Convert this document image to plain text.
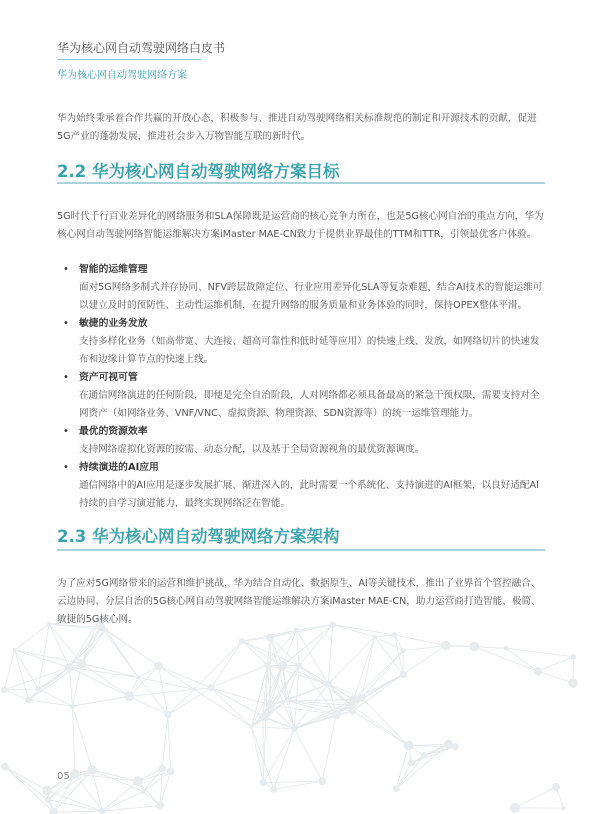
华为核心网自动驾驶网络白皮书
华为核心网自动驾驶网络方案
华为始终秉承着合作共赢的开放心态，积极参与、推进自动驾驶网络相关标准规范的制定和开源技术的贡献，促进5G产业的蓬勃发展，推进社会步入万物智能互联的新时代。
2.2 华为核心网自动驾驶网络方案目标
5G时代千行百业差异化的网络服务和SLA保障既是运营商的核心竞争力所在，也是5G核心网自治的重点方向，华为核心网自动驾驶网络智能运维解决方案iMaster MAE-CN致力于提供业界最佳的TTM和TTR，引领最优客户体验。
• 智能的运维管理
面对5G网络多制式并存协同、NFV跨层故障定位、行业应用差异化SLA等复杂难题，结合AI技术的智能运维可以建立及时的预防性、主动性运维机制，在提升网络的服务质量和业务体验的同时，保持OPEX整体平滑。
• 敏捷的业务发放
支持多样化业务（如高带宽、大连接、超高可靠性和低时延等应用）的快速上线、发放，如网络切片的快速发布和边缘计算节点的快速上线。
• 资产可视可管
在通信网络演进的任何阶段，即便是完全自治阶段，人对网络都必须具备最高的紧急干预权限，需要支持对全网资产（如网络业务、VNF/VNC、虚拟资源、物理资源、SDN资源等）的统一运维管理能力。
• 最优的资源效率
支持网络虚拟化资源的按需、动态分配，以及基于全局资源视角的最优资源调度。
• 持续演进的AI应用
通信网络中的AI应用是逐步发展扩展、渐进深入的，此时需要一个系统化、支持演进的AI框架，以良好适配AI持续的自学习演进能力，最终实现网络泛在智能。
2.3 华为核心网自动驾驶网络方案架构
为了应对5G网络带来的运营和维护挑战，华为结合自动化、数据原生、AI等关键技术，推出了业界首个管控融合、云边协同、分层自治的5G核心网自动驾驶网络智能运维解决方案iMaster MAE-CN，助力运营商打造智能、极简、敏捷的5G核心网。
05
